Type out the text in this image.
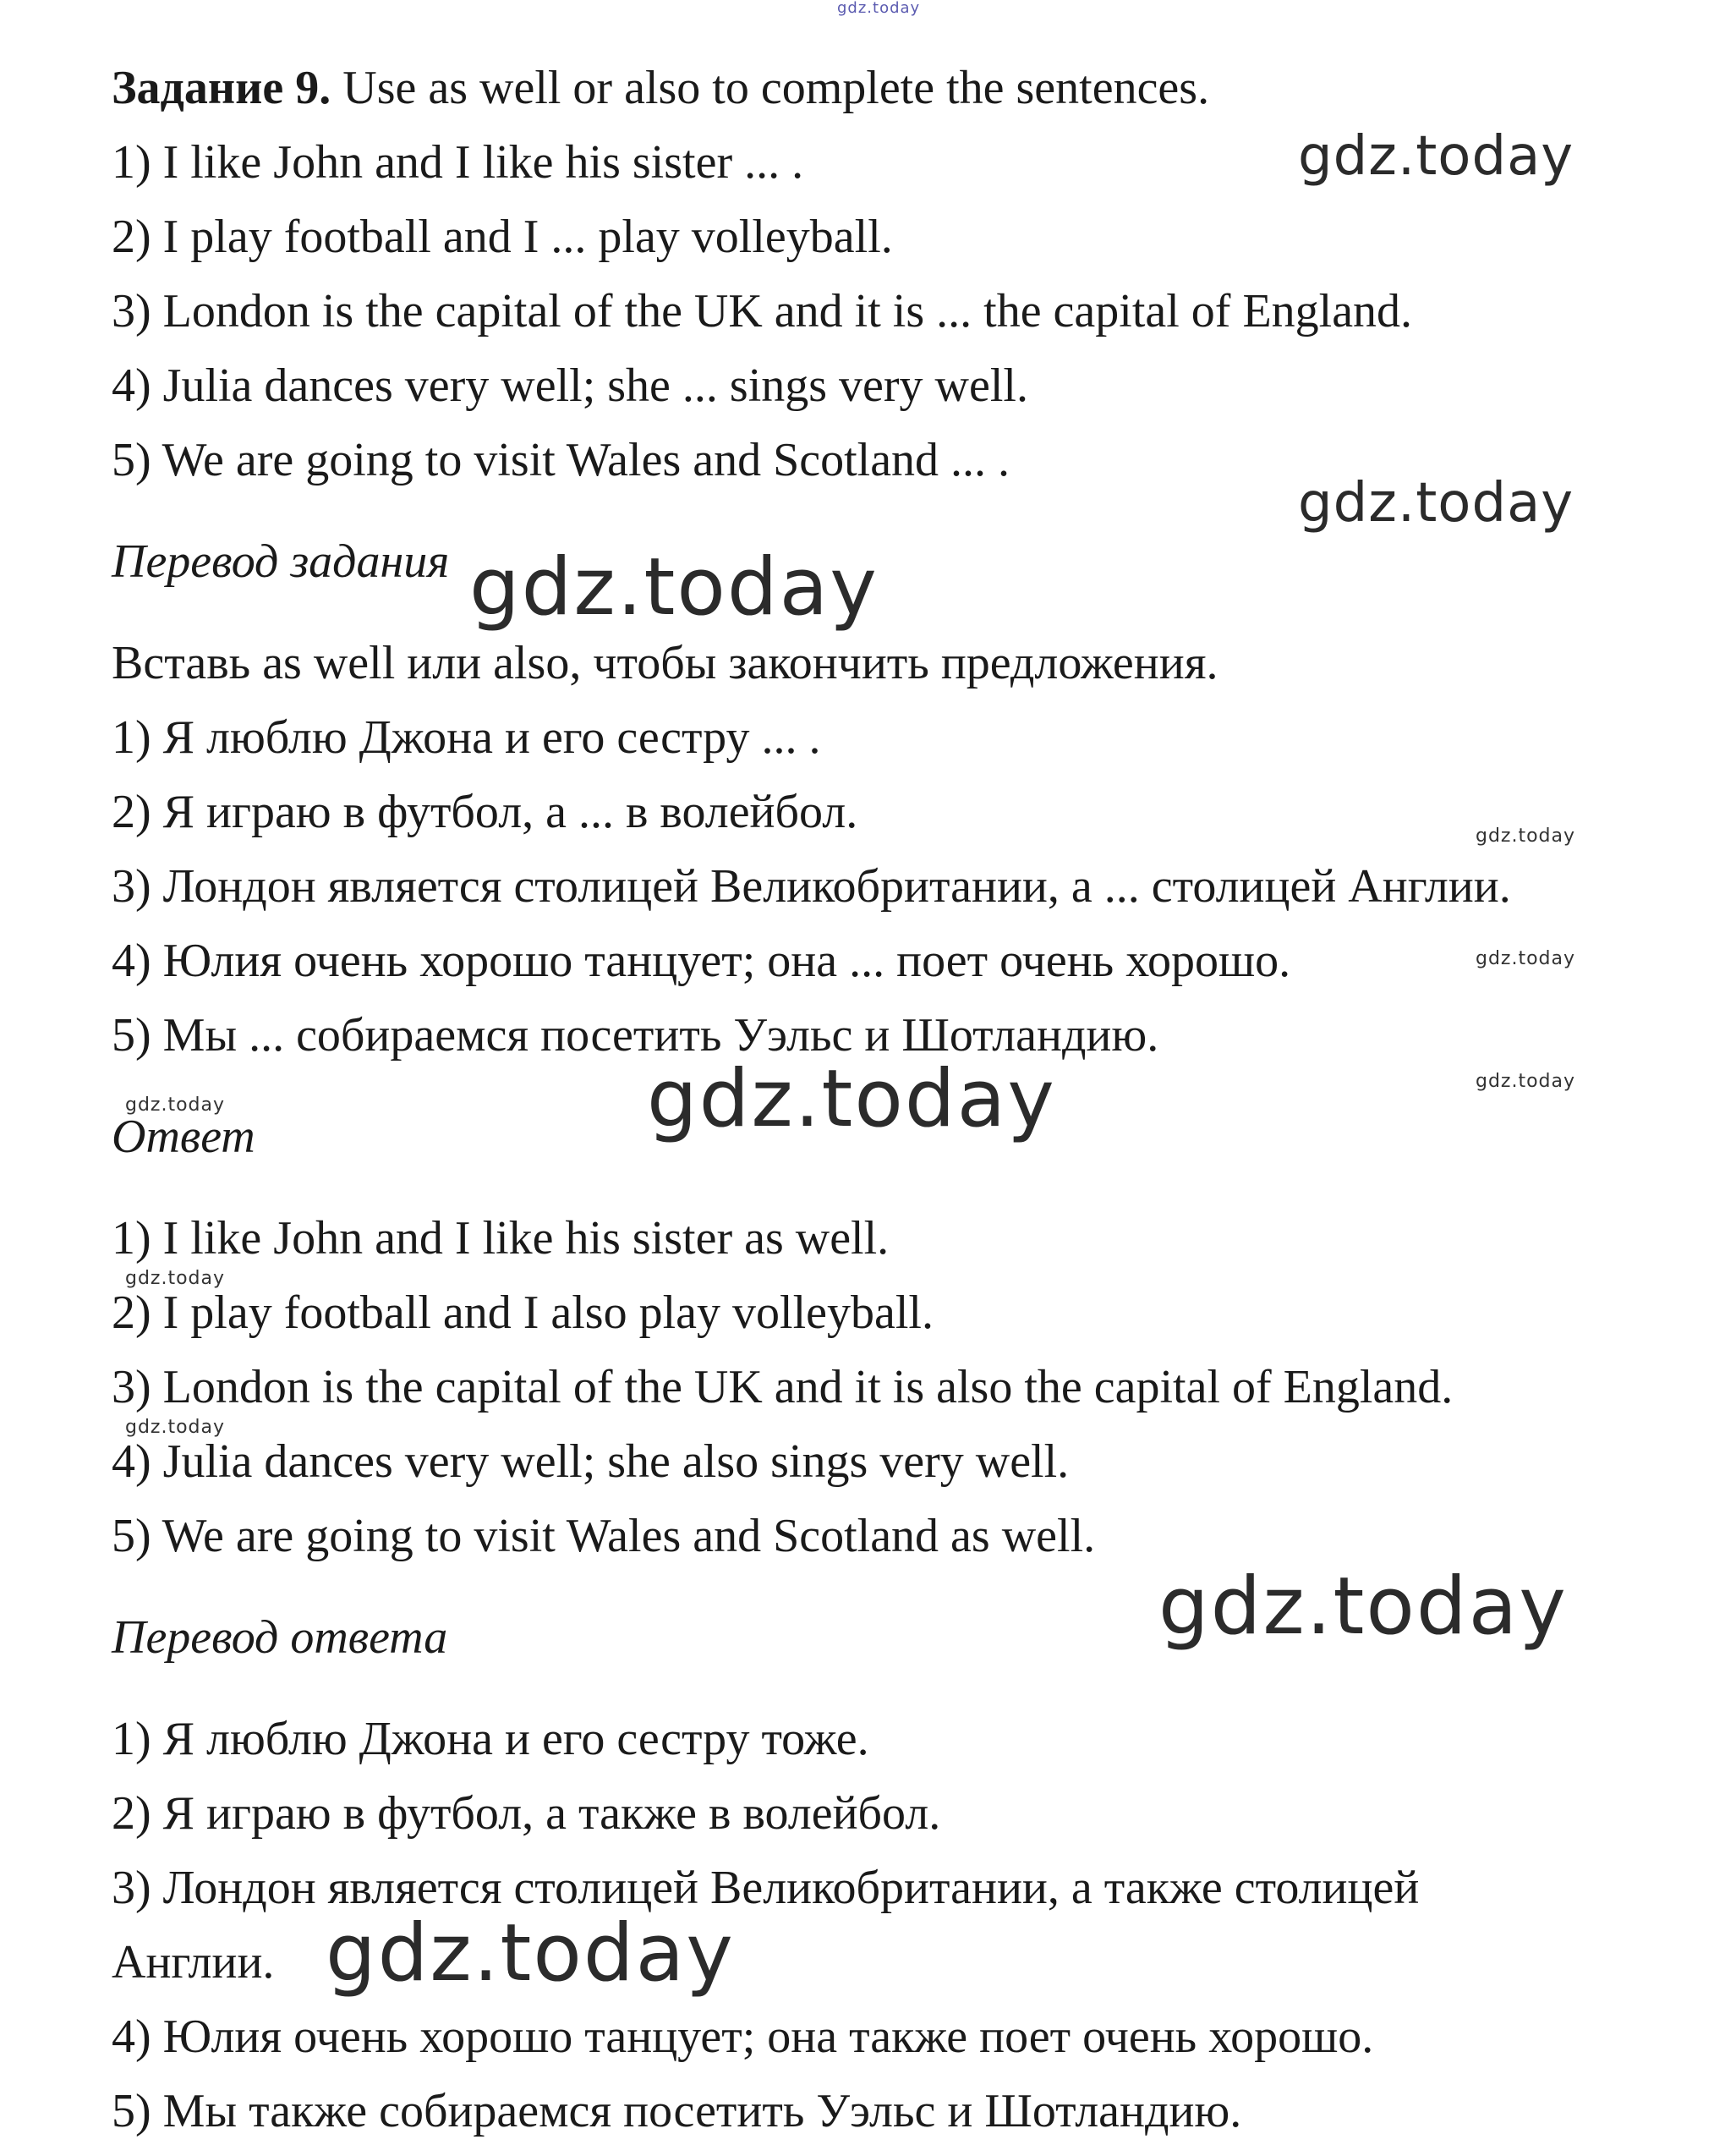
gdz.today
Задание 9. Use as well or also to complete the sentences.
1) I like John and I like his sister ... .
2) I play football and I ... play volleyball.
3) London is the capital of the UK and it is ... the capital of England.
4) Julia dances very well; she ... sings very well.
5) We are going to visit Wales and Scotland ... .
Перевод задания
Вставь as well или also, чтобы закончить предложения.
1) Я люблю Джона и его сестру ... .
2) Я играю в футбол, а ... в волейбол.
3) Лондон является столицей Великобритании, а ... столицей Англии.
4) Юлия очень хорошо танцует; она ... поет очень хорошо.
5) Мы ... собираемся посетить Уэльс и Шотландию.
Ответ
1) I like John and I like his sister as well.
2) I play football and I also play volleyball.
3) London is the capital of the UK and it is also the capital of England.
4) Julia dances very well; she also sings very well.
5) We are going to visit Wales and Scotland as well.
Перевод ответа
1) Я люблю Джона и его сестру тоже.
2) Я играю в футбол, а также в волейбол.
3) Лондон является столицей Великобритании, а также столицей
Англии.
4) Юлия очень хорошо танцует; она также поет очень хорошо.
5) Мы также собираемся посетить Уэльс и Шотландию.
gdz.today
gdz.today
gdz.today
gdz.today
gdz.today
gdz.today
gdz.today
gdz.today
gdz.today
gdz.today
gdz.today
gdz.today
